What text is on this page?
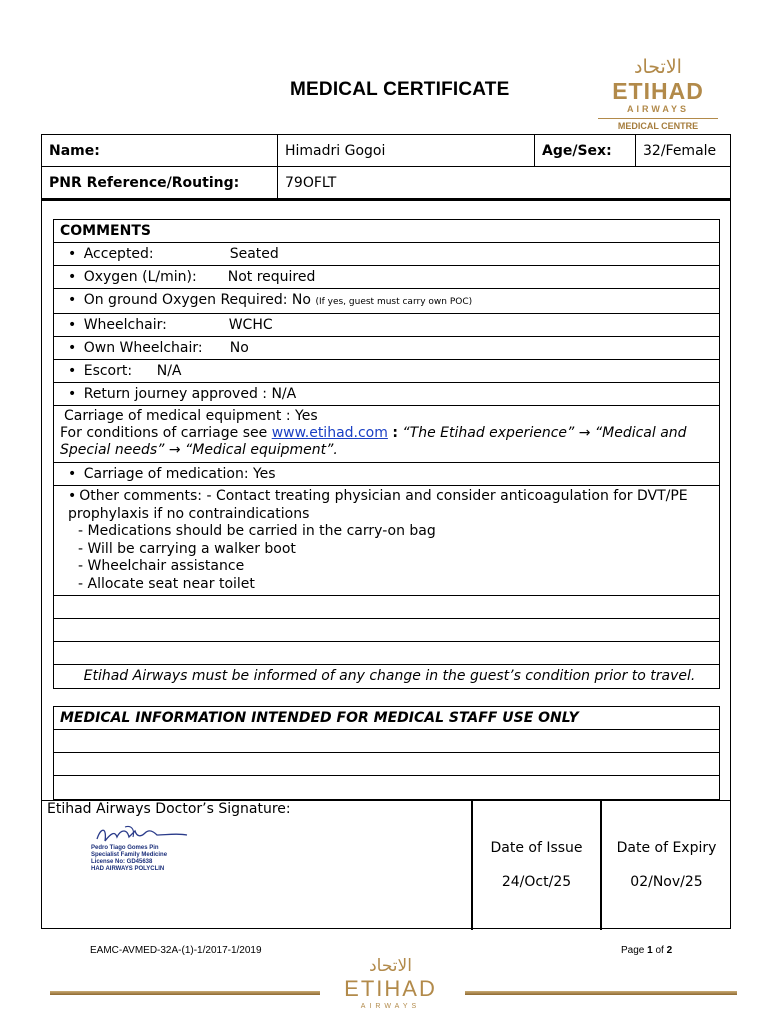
MEDICAL CERTIFICATE
الاتحاد
ETIHAD
AIRWAYS
MEDICAL CENTRE
Name:	Himadri Gogoi	Age/Sex:	32/Female
PNR Reference/Routing:	79OFLT		
COMMENTS
• Accepted:	Seated
• Oxygen (L/min): Not required
• On ground Oxygen Required: No (If yes, guest must carry own POC)
• Wheelchair:	WCHC
• Own Wheelchair: No
• Escort: N/A
• Return journey approved : N/A
Carriage of medical equipment : Yes
For conditions of carriage see www.etihad.com : “The Etihad experience” → “Medical and Special needs” → “Medical equipment”.
• Carriage of medication: Yes
• Other comments: - Contact treating physician and consider anticoagulation for DVT/PE prophylaxis if no contraindications
- Medications should be carried in the carry-on bag
- Will be carrying a walker boot
- Wheelchair assistance
- Allocate seat near toilet
Etihad Airways must be informed of any change in the guest’s condition prior to travel.
MEDICAL INFORMATION INTENDED FOR MEDICAL STAFF USE ONLY
Etihad Airways Doctor’s Signature:
Pedro Tiago Gomes Pin
Specialist Family Medicine
License No: GD45638
HAD AIRWAYS POLYCLIN
Date of Issue
24/Oct/25
Date of Expiry
02/Nov/25
EAMC-AVMED-32A-(1)-1/2017-1/2019	Page 1 of 2
الاتحاد
ETIHAD
AIRWAYS
